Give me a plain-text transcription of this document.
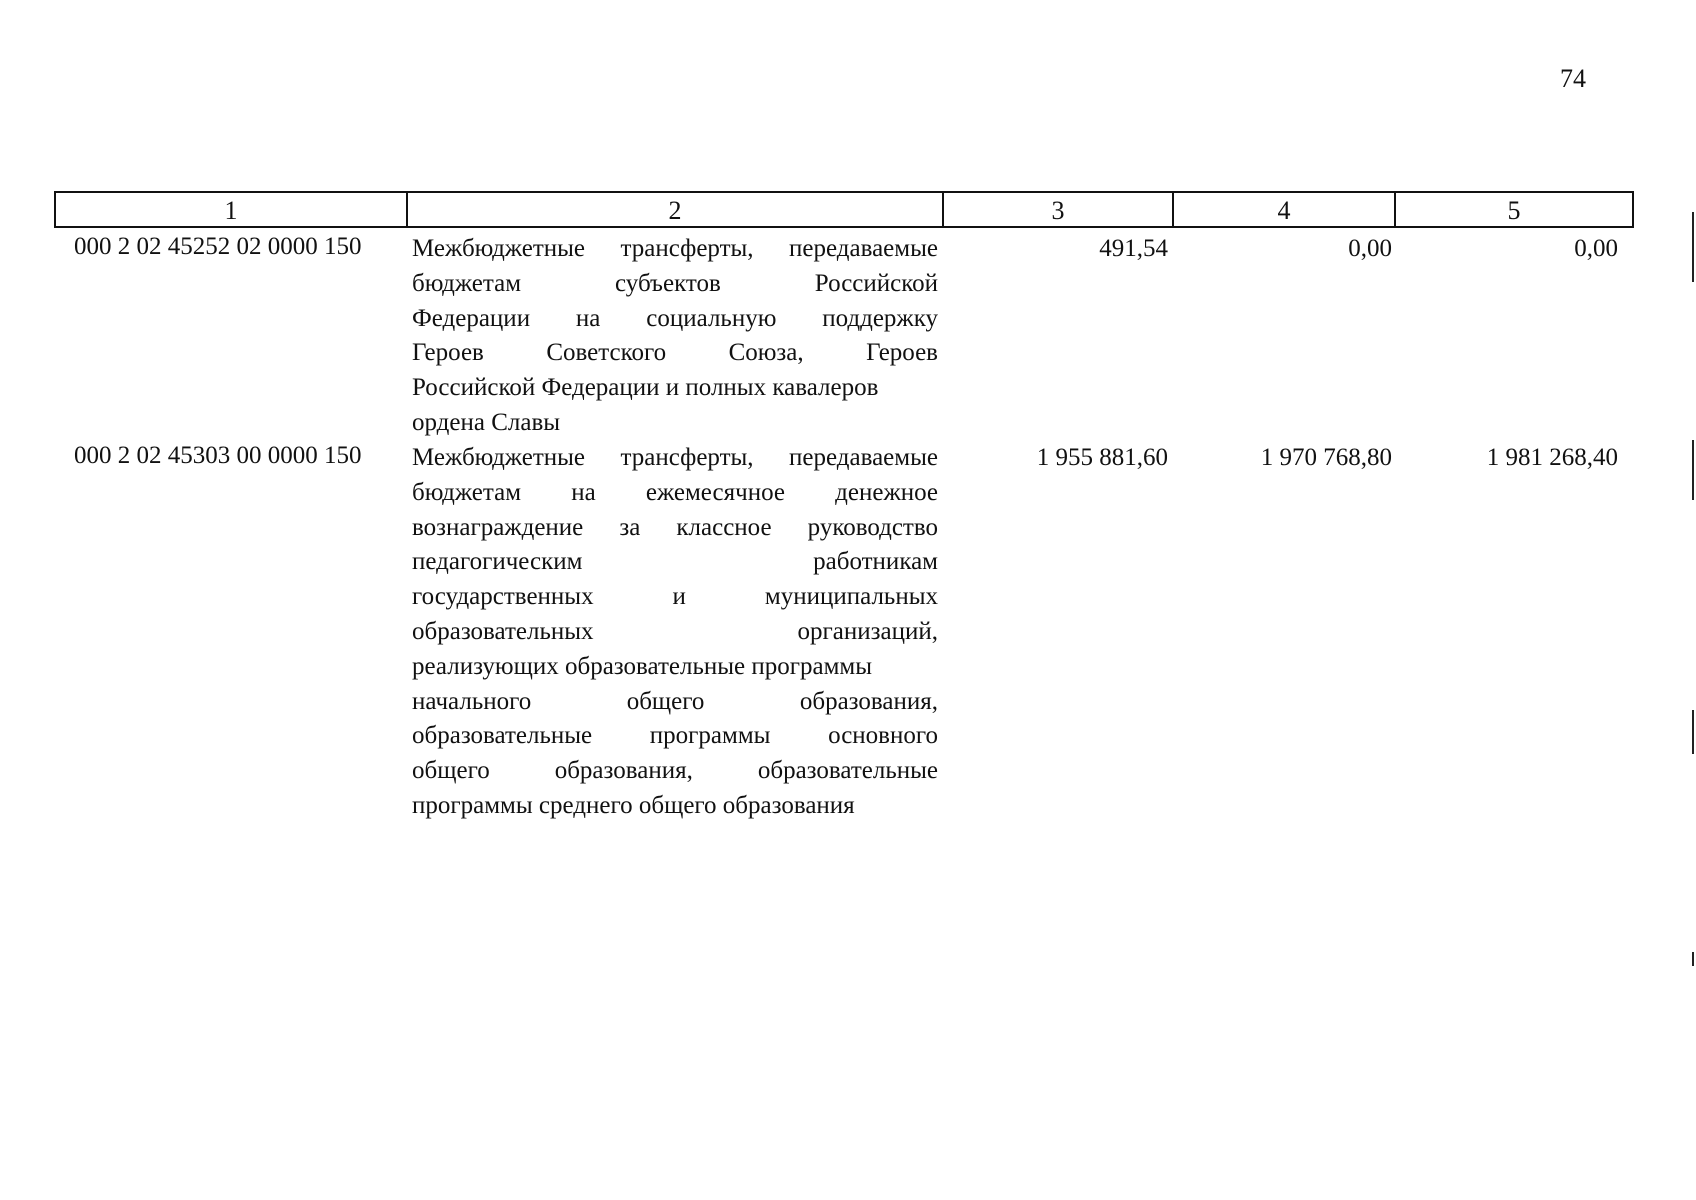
74
1	2	3	4	5
000 2 02 45252 02 0000 150	Межбюджетные трансферты, передаваемые
бюджетам субъектов Российской
Федерации на социальную поддержку
Героев Советского Союза, Героев
Российской Федерации и полных кавалеров
ордена Славы
491,54	0,00	0,00
000 2 02 45303 00 0000 150	Межбюджетные трансферты, передаваемые
бюджетам на ежемесячное денежное
вознаграждение за классное руководство
педагогическим работникам
государственных и муниципальных
образовательных организаций,
реализующих образовательные программы
начального общего образования,
образовательные программы основного
общего образования, образовательные
программы среднего общего образования
1 955 881,60	1 970 768,80	1 981 268,40
